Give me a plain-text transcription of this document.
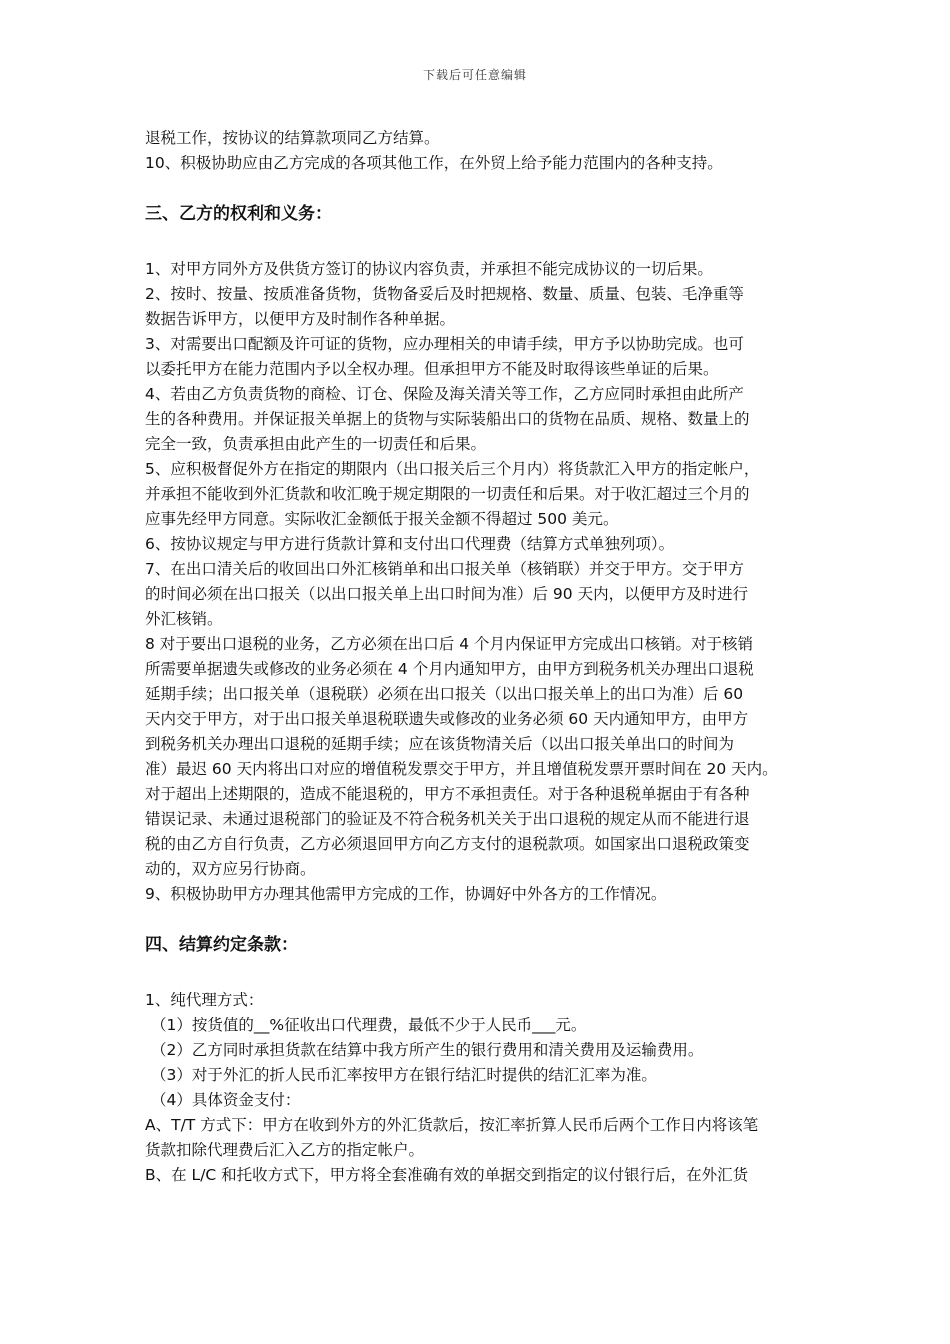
下载后可任意编辑
退税工作，按协议的结算款项同乙方结算。
10、积极协助应由乙方完成的各项其他工作，在外贸上给予能力范围内的各种支持。
三、乙方的权利和义务：
1、对甲方同外方及供货方签订的协议内容负责，并承担不能完成协议的一切后果。
2、按时、按量、按质准备货物，货物备妥后及时把规格、数量、质量、包装、毛净重等
数据告诉甲方，以便甲方及时制作各种单据。
3、对需要出口配额及许可证的货物，应办理相关的申请手续，甲方予以协助完成。也可
以委托甲方在能力范围内予以全权办理。但承担甲方不能及时取得该些单证的后果。
4、若由乙方负责货物的商检、订仓、保险及海关清关等工作，乙方应同时承担由此所产
生的各种费用。并保证报关单据上的货物与实际装船出口的货物在品质、规格、数量上的
完全一致，负责承担由此产生的一切责任和后果。
5、应积极督促外方在指定的期限内（出口报关后三个月内）将货款汇入甲方的指定帐户，
并承担不能收到外汇货款和收汇晚于规定期限的一切责任和后果。对于收汇超过三个月的
应事先经甲方同意。实际收汇金额低于报关金额不得超过 500 美元。
6、按协议规定与甲方进行货款计算和支付出口代理费（结算方式单独列项）。
7、在出口清关后的收回出口外汇核销单和出口报关单（核销联）并交于甲方。交于甲方
的时间必须在出口报关（以出口报关单上出口时间为准）后 90 天内，以便甲方及时进行
外汇核销。
8 对于要出口退税的业务，乙方必须在出口后 4 个月内保证甲方完成出口核销。对于核销
所需要单据遗失或修改的业务必须在 4 个月内通知甲方，由甲方到税务机关办理出口退税
延期手续；出口报关单（退税联）必须在出口报关（以出口报关单上的出口为准）后 60
天内交于甲方，对于出口报关单退税联遗失或修改的业务必须 60 天内通知甲方，由甲方
到税务机关办理出口退税的延期手续；应在该货物清关后（以出口报关单出口的时间为
准）最迟 60 天内将出口对应的增值税发票交于甲方，并且增值税发票开票时间在 20 天内。
对于超出上述期限的，造成不能退税的，甲方不承担责任。对于各种退税单据由于有各种
错误记录、未通过退税部门的验证及不符合税务机关关于出口退税的规定从而不能进行退
税的由乙方自行负责，乙方必须退回甲方向乙方支付的退税款项。如国家出口退税政策变
动的，双方应另行协商。
9、积极协助甲方办理其他需甲方完成的工作，协调好中外各方的工作情况。
四、结算约定条款：
1、纯代理方式：
（1）按货值的__%征收出口代理费，最低不少于人民币___元。
（2）乙方同时承担货款在结算中我方所产生的银行费用和清关费用及运输费用。
（3）对于外汇的折人民币汇率按甲方在银行结汇时提供的结汇汇率为准。
（4）具体资金支付：
A、T/T 方式下：甲方在收到外方的外汇货款后，按汇率折算人民币后两个工作日内将该笔
货款扣除代理费后汇入乙方的指定帐户。
B、在 L/C 和托收方式下，甲方将全套准确有效的单据交到指定的议付银行后，在外汇货
